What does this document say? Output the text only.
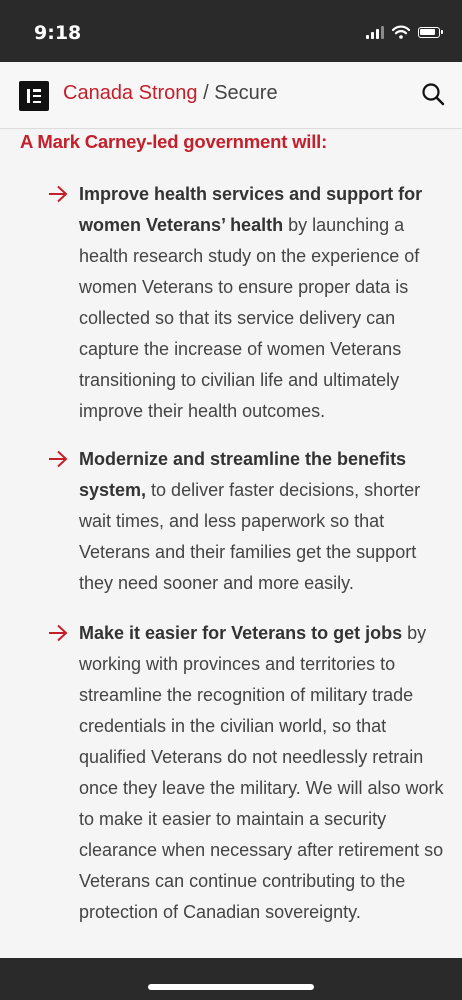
9:18
Canada Strong / Secure
A Mark Carney-led government will:

Improve health services and support for women Veterans’ health by launching a health research study on the experience of women Veterans to ensure proper data is collected so that its service delivery can capture the increase of women Veterans transitioning to civilian life and ultimately improve their health outcomes.

Modernize and streamline the benefits system, to deliver faster decisions, shorter wait times, and less paperwork so that Veterans and their families get the support they need sooner and more easily.

Make it easier for Veterans to get jobs by working with provinces and territories to streamline the recognition of military trade credentials in the civilian world, so that qualified Veterans do not needlessly retrain once they leave the military. We will also work to make it easier to maintain a security clearance when necessary after retirement so Veterans can continue contributing to the protection of Canadian sovereignty.
